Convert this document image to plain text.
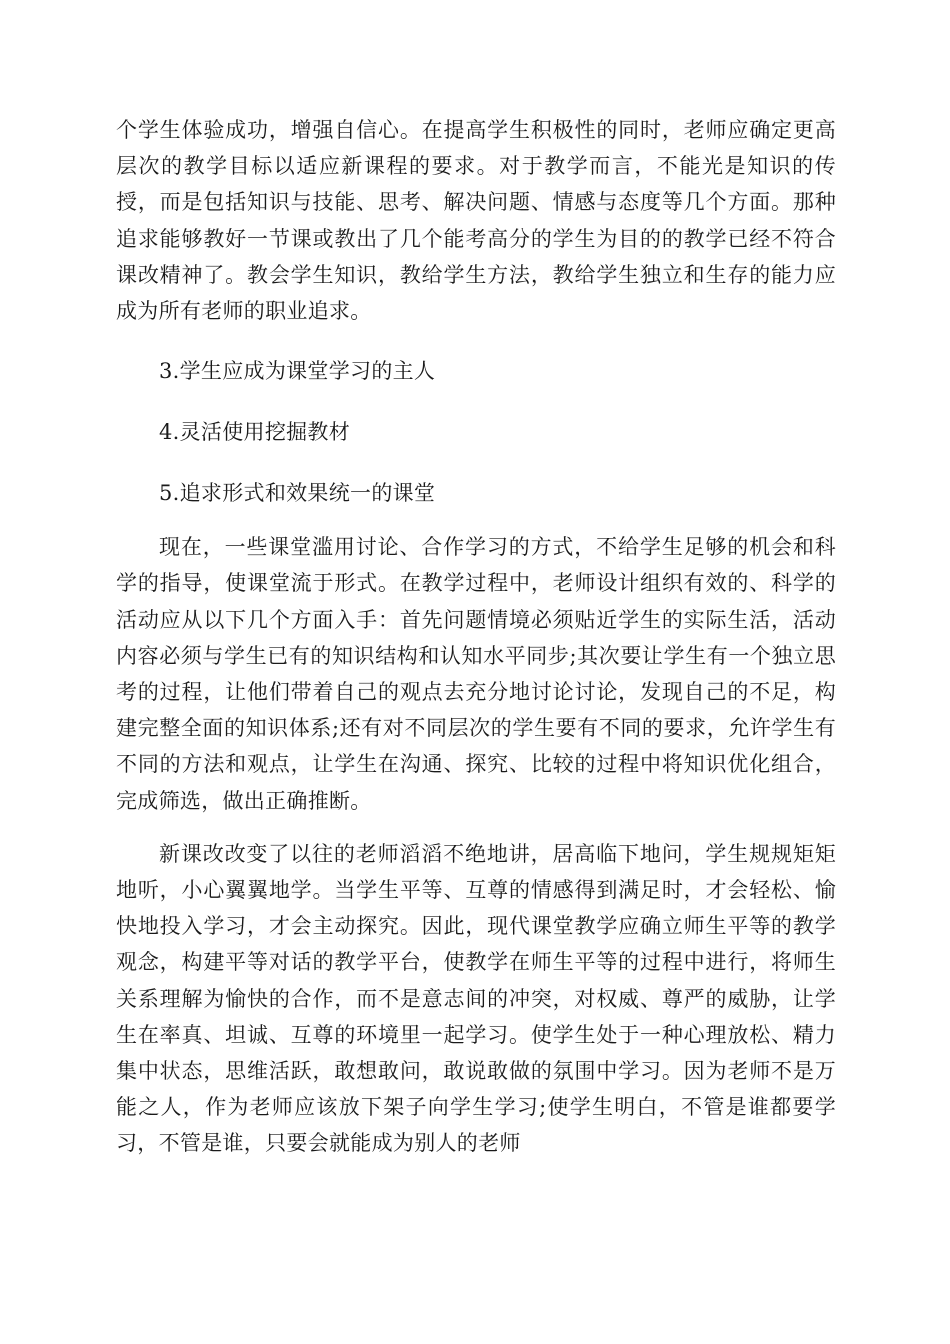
个学生体验成功，增强自信心。在提高学生积极性的同时，老师应确定更高层次的教学目标以适应新课程的要求。对于教学而言，不能光是知识的传授，而是包括知识与技能、思考、解决问题、情感与态度等几个方面。那种追求能够教好一节课或教出了几个能考高分的学生为目的的教学已经不符合课改精神了。教会学生知识，教给学生方法，教给学生独立和生存的能力应成为所有老师的职业追求。

3.学生应成为课堂学习的主人

4.灵活使用挖掘教材

5.追求形式和效果统一的课堂

现在，一些课堂滥用讨论、合作学习的方式，不给学生足够的机会和科学的指导，使课堂流于形式。在教学过程中，老师设计组织有效的、科学的活动应从以下几个方面入手：首先问题情境必须贴近学生的实际生活，活动内容必须与学生已有的知识结构和认知水平同步;其次要让学生有一个独立思考的过程，让他们带着自己的观点去充分地讨论讨论，发现自己的不足，构建完整全面的知识体系;还有对不同层次的学生要有不同的要求，允许学生有不同的方法和观点，让学生在沟通、探究、比较的过程中将知识优化组合，完成筛选，做出正确推断。

新课改改变了以往的老师滔滔不绝地讲，居高临下地问，学生规规矩矩地听，小心翼翼地学。当学生平等、互尊的情感得到满足时，才会轻松、愉快地投入学习，才会主动探究。因此，现代课堂教学应确立师生平等的教学观念，构建平等对话的教学平台，使教学在师生平等的过程中进行，将师生关系理解为愉快的合作，而不是意志间的冲突，对权威、尊严的威胁，让学生在率真、坦诚、互尊的环境里一起学习。使学生处于一种心理放松、精力集中状态，思维活跃，敢想敢问，敢说敢做的氛围中学习。因为老师不是万能之人，作为老师应该放下架子向学生学习;使学生明白，不管是谁都要学习，不管是谁，只要会就能成为别人的老师
